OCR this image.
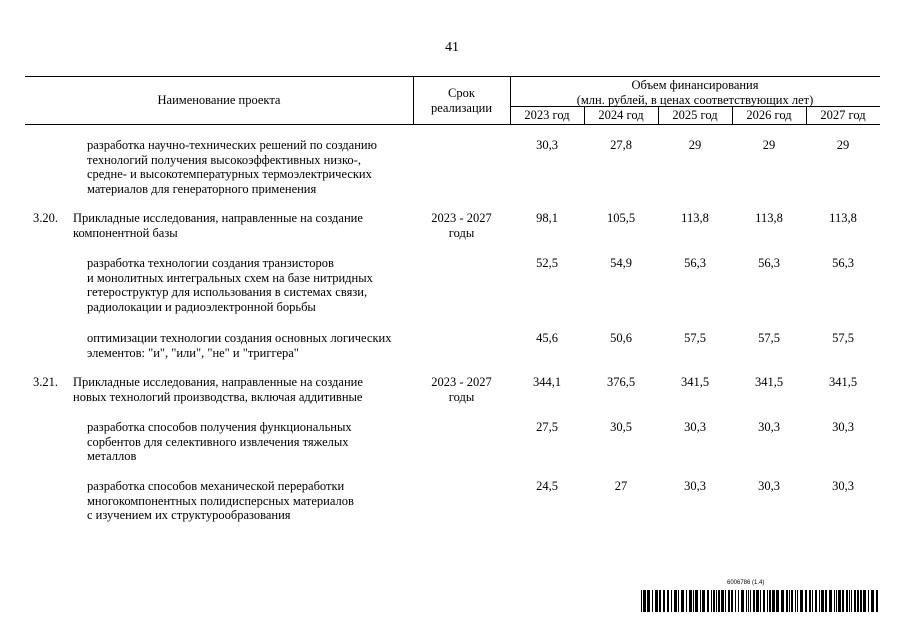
41
Наименование проекта	Срок
реализации
Объем финансирования
(млн. рублей, в ценах соответствующих лет)
2023 год	2024 год	2025 год	2026 год	2027 год
разработка научно-технических решений по созданию
технологий получения высокоэффективных низко-,
средне- и высокотемпературных термоэлектрических
материалов для генераторного применения
30,3	27,8	29	29	29
3.20. Прикладные исследования, направленные на создание
компонентной базы
2023 - 2027
годы
98,1	105,5	113,8	113,8	113,8
разработка технологии создания транзисторов
и монолитных интегральных схем на базе нитридных
гетероструктур для использования в системах связи,
радиолокации и радиоэлектронной борьбы
52,5	54,9	56,3	56,3	56,3
оптимизации технологии создания основных логических
элементов: "и", "или", "не" и "триггера"
45,6	50,6	57,5	57,5	57,5
3.21. Прикладные исследования, направленные на создание
новых технологий производства, включая аддитивные
2023 - 2027
годы
344,1	376,5	341,5	341,5	341,5
разработка способов получения функциональных
сорбентов для селективного извлечения тяжелых
металлов
27,5	30,5	30,3	30,3	30,3
разработка способов механической переработки
многокомпонентных полидисперсных материалов
с изучением их структурообразования
24,5	27	30,3	30,3	30,3
6006786 (1.4)
